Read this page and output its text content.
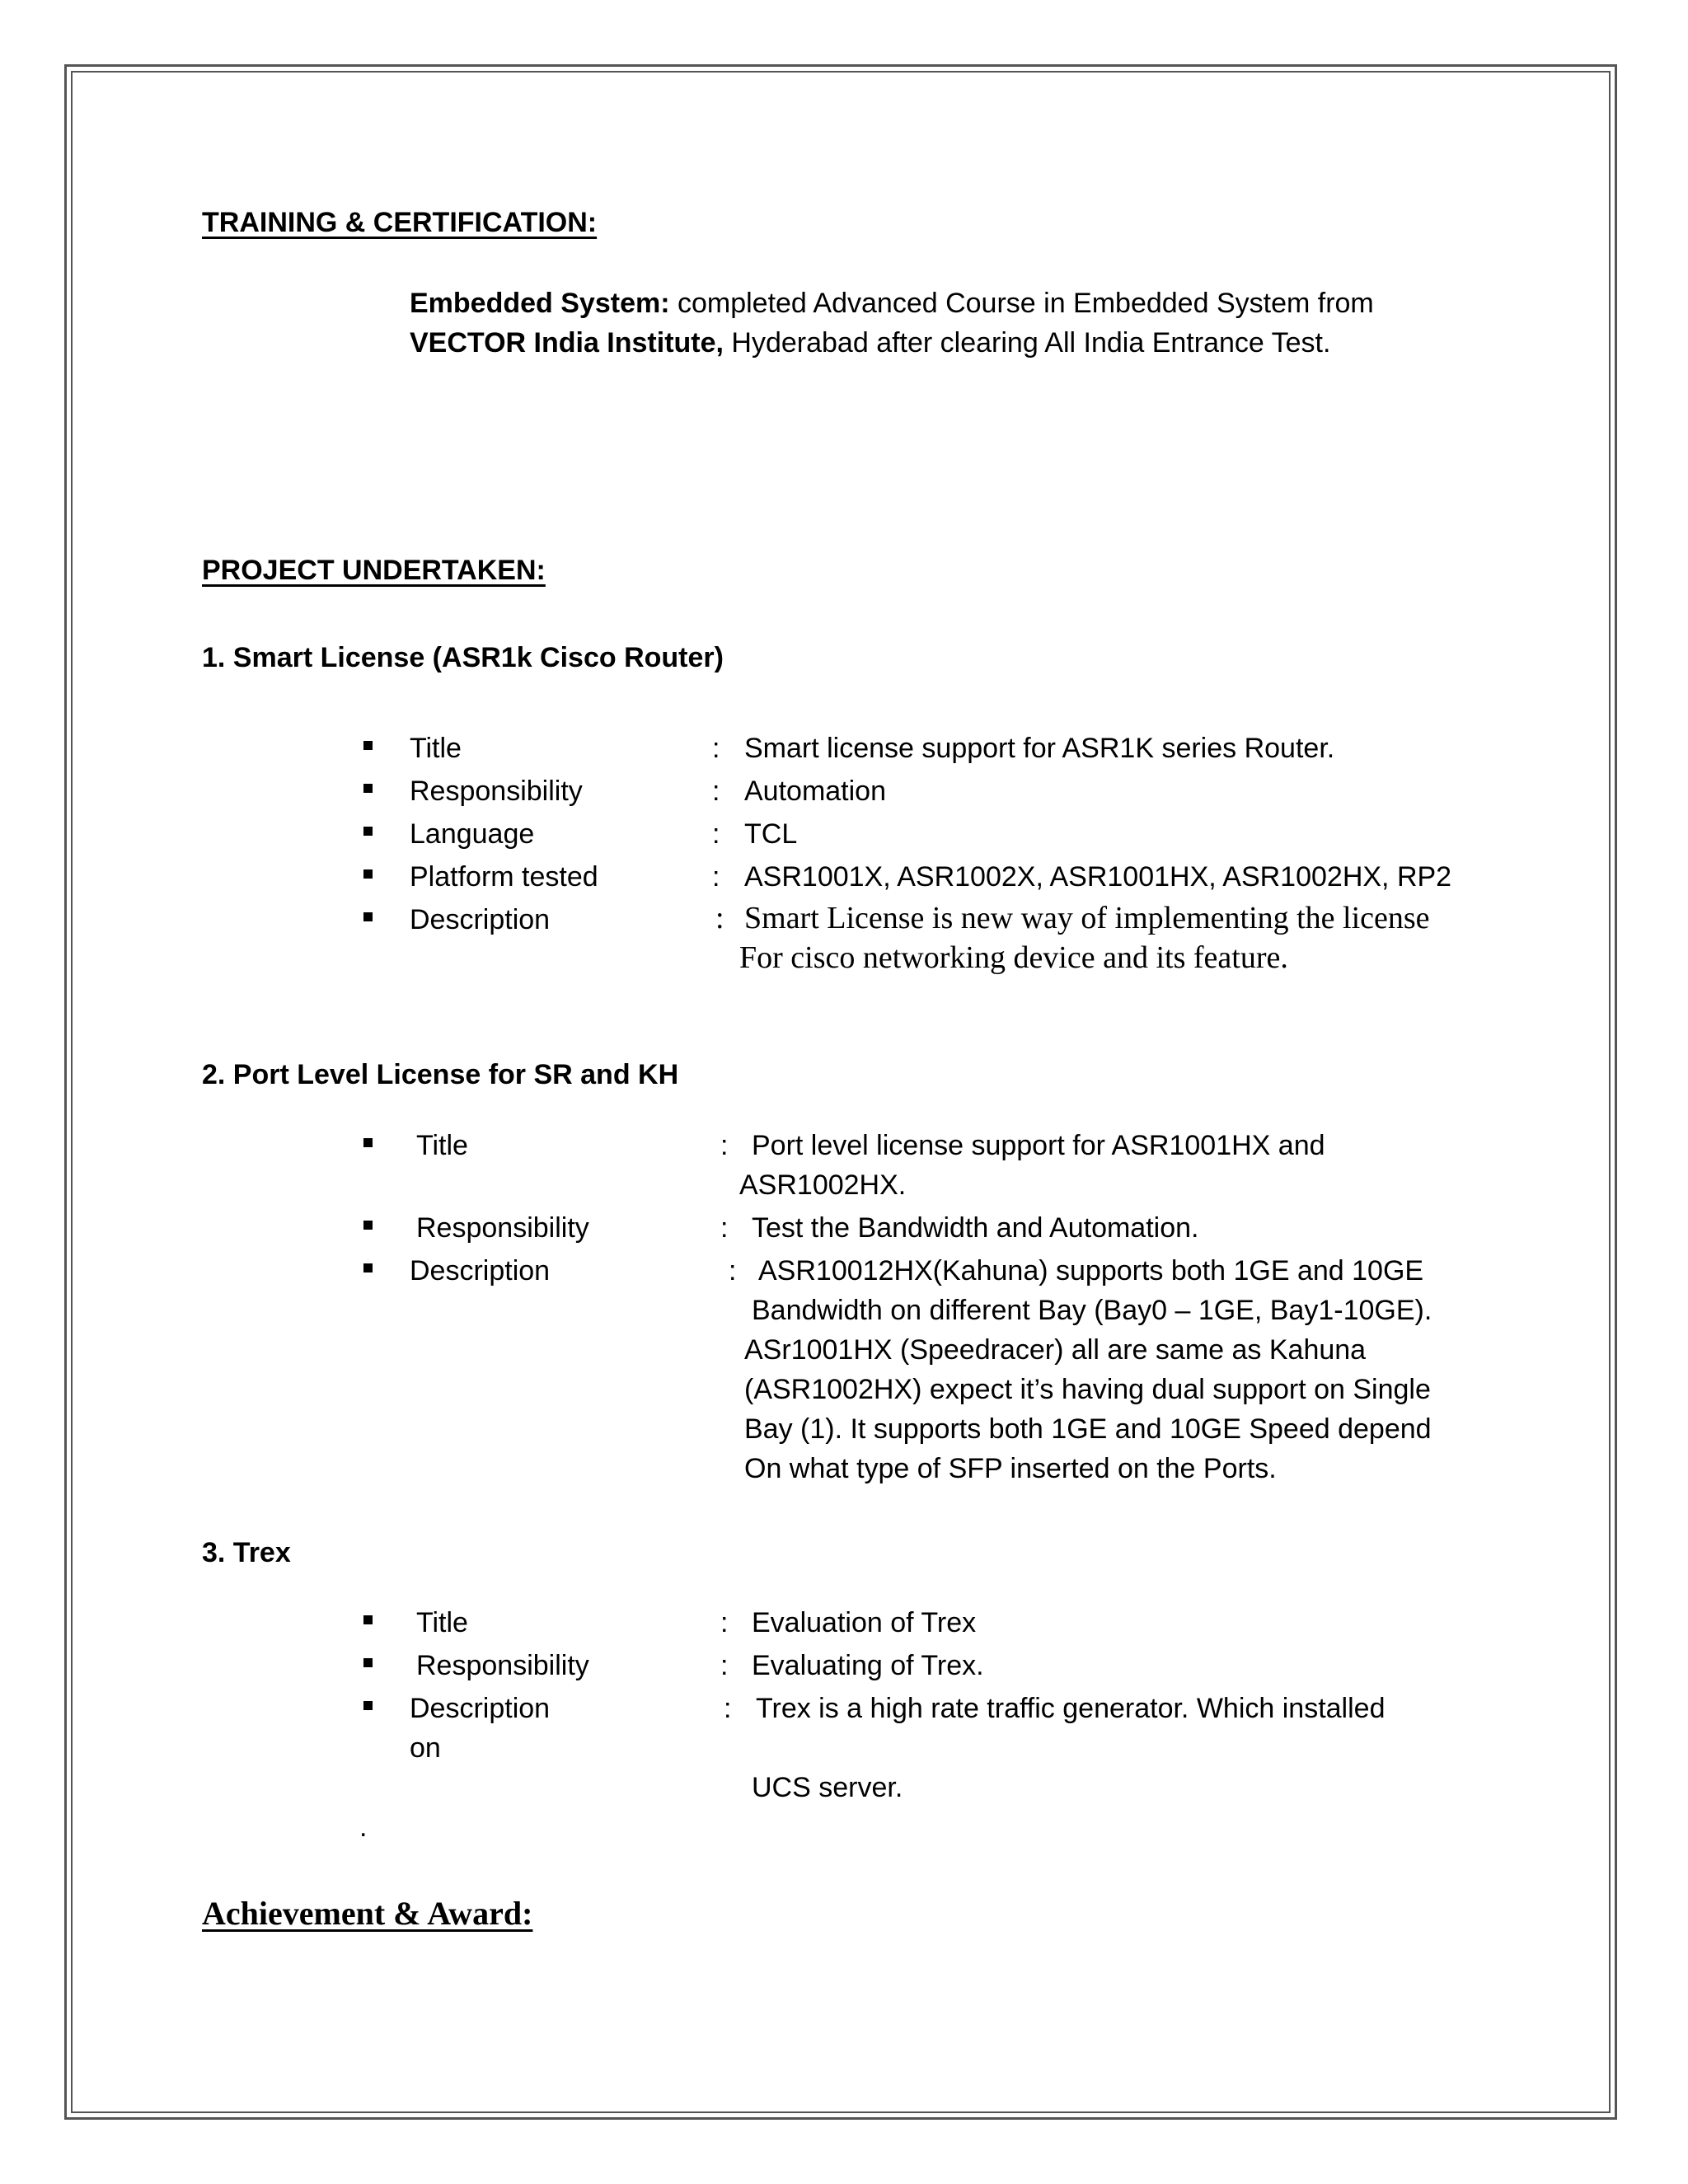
TRAINING & CERTIFICATION:
Embedded System: completed Advanced Course in Embedded System from
VECTOR India Institute, Hyderabad after clearing All India Entrance Test.
PROJECT UNDERTAKEN:
1. Smart License (ASR1k Cisco Router)
Title	: Smart license support for ASR1K series Router.
Responsibility	: Automation
Language	: TCL
Platform tested	: ASR1001X, ASR1002X, ASR1001HX, ASR1002HX, RP2
Description	: Smart License is new way of implementing the license
For cisco networking device and its feature.
2. Port Level License for SR and KH
Title	: Port level license support for ASR1001HX and
ASR1002HX.
Responsibility	: Test the Bandwidth and Automation.
Description	: ASR10012HX(Kahuna) supports both 1GE and 10GE
Bandwidth on different Bay (Bay0 – 1GE, Bay1-10GE).
ASr1001HX (Speedracer) all are same as Kahuna
(ASR1002HX) expect it’s having dual support on Single
Bay (1). It supports both 1GE and 10GE Speed depend
On what type of SFP inserted on the Ports.
3. Trex
Title	: Evaluation of Trex
Responsibility	: Evaluating of Trex.
Description	: Trex is a high rate traffic generator. Which installed
on
UCS server.
.
Achievement & Award:
